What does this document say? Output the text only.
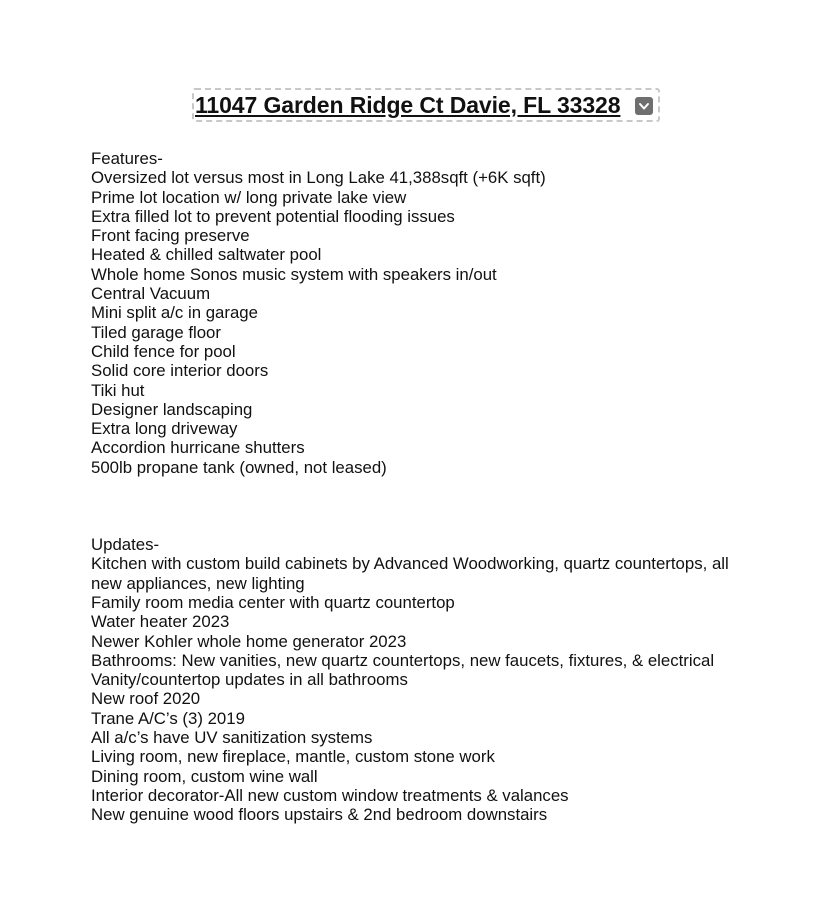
11047 Garden Ridge Ct Davie, FL 33328

Features-

Oversized lot versus most in Long Lake 41,388sqft (+6K sqft)
Prime lot location w/ long private lake view
Extra filled lot to prevent potential flooding issues
Front facing preserve
Heated & chilled saltwater pool
Whole home Sonos music system with speakers in/out
Central Vacuum
Mini split a/c in garage
Tiled garage floor
Child fence for pool
Solid core interior doors
Tiki hut
Designer landscaping
Extra long driveway
Accordion hurricane shutters
500lb propane tank (owned, not leased)

Updates-

Kitchen with custom build cabinets by Advanced Woodworking, quartz countertops, all new appliances, new lighting
Family room media center with quartz countertop
Water heater 2023
Newer Kohler whole home generator 2023
Bathrooms: New vanities, new quartz countertops, new faucets, fixtures, & electrical
Vanity/countertop updates in all bathrooms
New roof 2020
Trane A/C’s (3) 2019
All a/c’s have UV sanitization systems
Living room, new fireplace, mantle, custom stone work
Dining room, custom wine wall
Interior decorator-All new custom window treatments & valances
New genuine wood floors upstairs & 2nd bedroom downstairs
